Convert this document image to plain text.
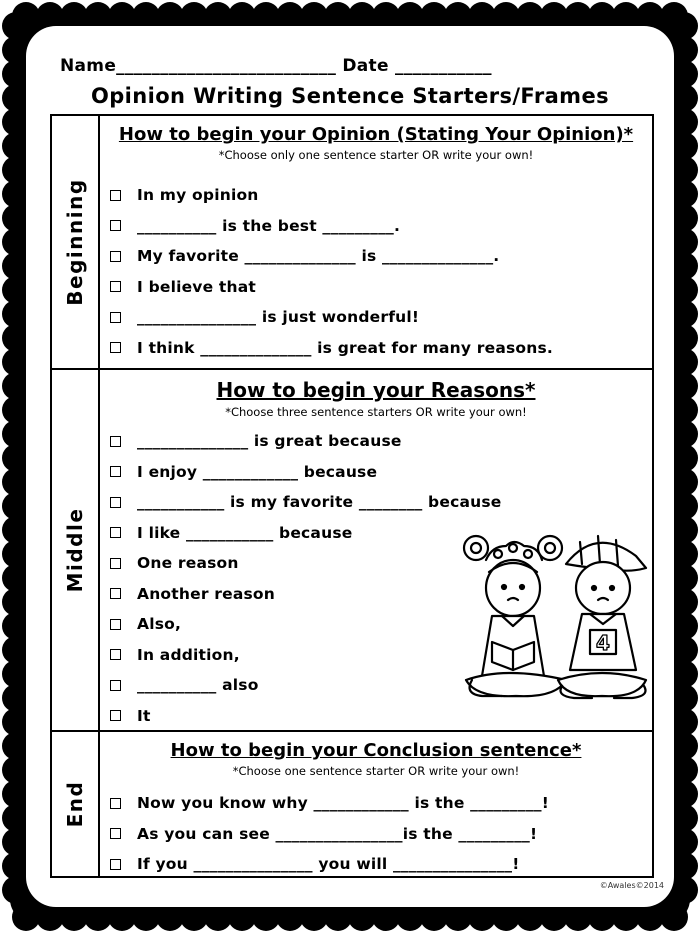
Name_________________________ Date ___________
Opinion Writing Sentence Starters/Frames
Beginning
How to begin your Opinion (Stating Your Opinion)*
*Choose only one sentence starter OR write your own!
In my opinion
__________ is the best _________.
My favorite ______________ is ______________.
I believe that
_______________ is just wonderful!
I think ______________ is great for many reasons.
Middle
How to begin your Reasons*
*Choose three sentence starters OR write your own!
______________ is great because
I enjoy ____________ because
___________ is my favorite ________ because
I like ___________ because
One reason
Another reason
Also,
In addition,
__________ also
It
4
End
How to begin your Conclusion sentence*
*Choose one sentence starter OR write your own!
Now you know why ____________ is the _________!
As you can see ________________is the _________!
If you _______________ you will _______________!
©Awales©2014
